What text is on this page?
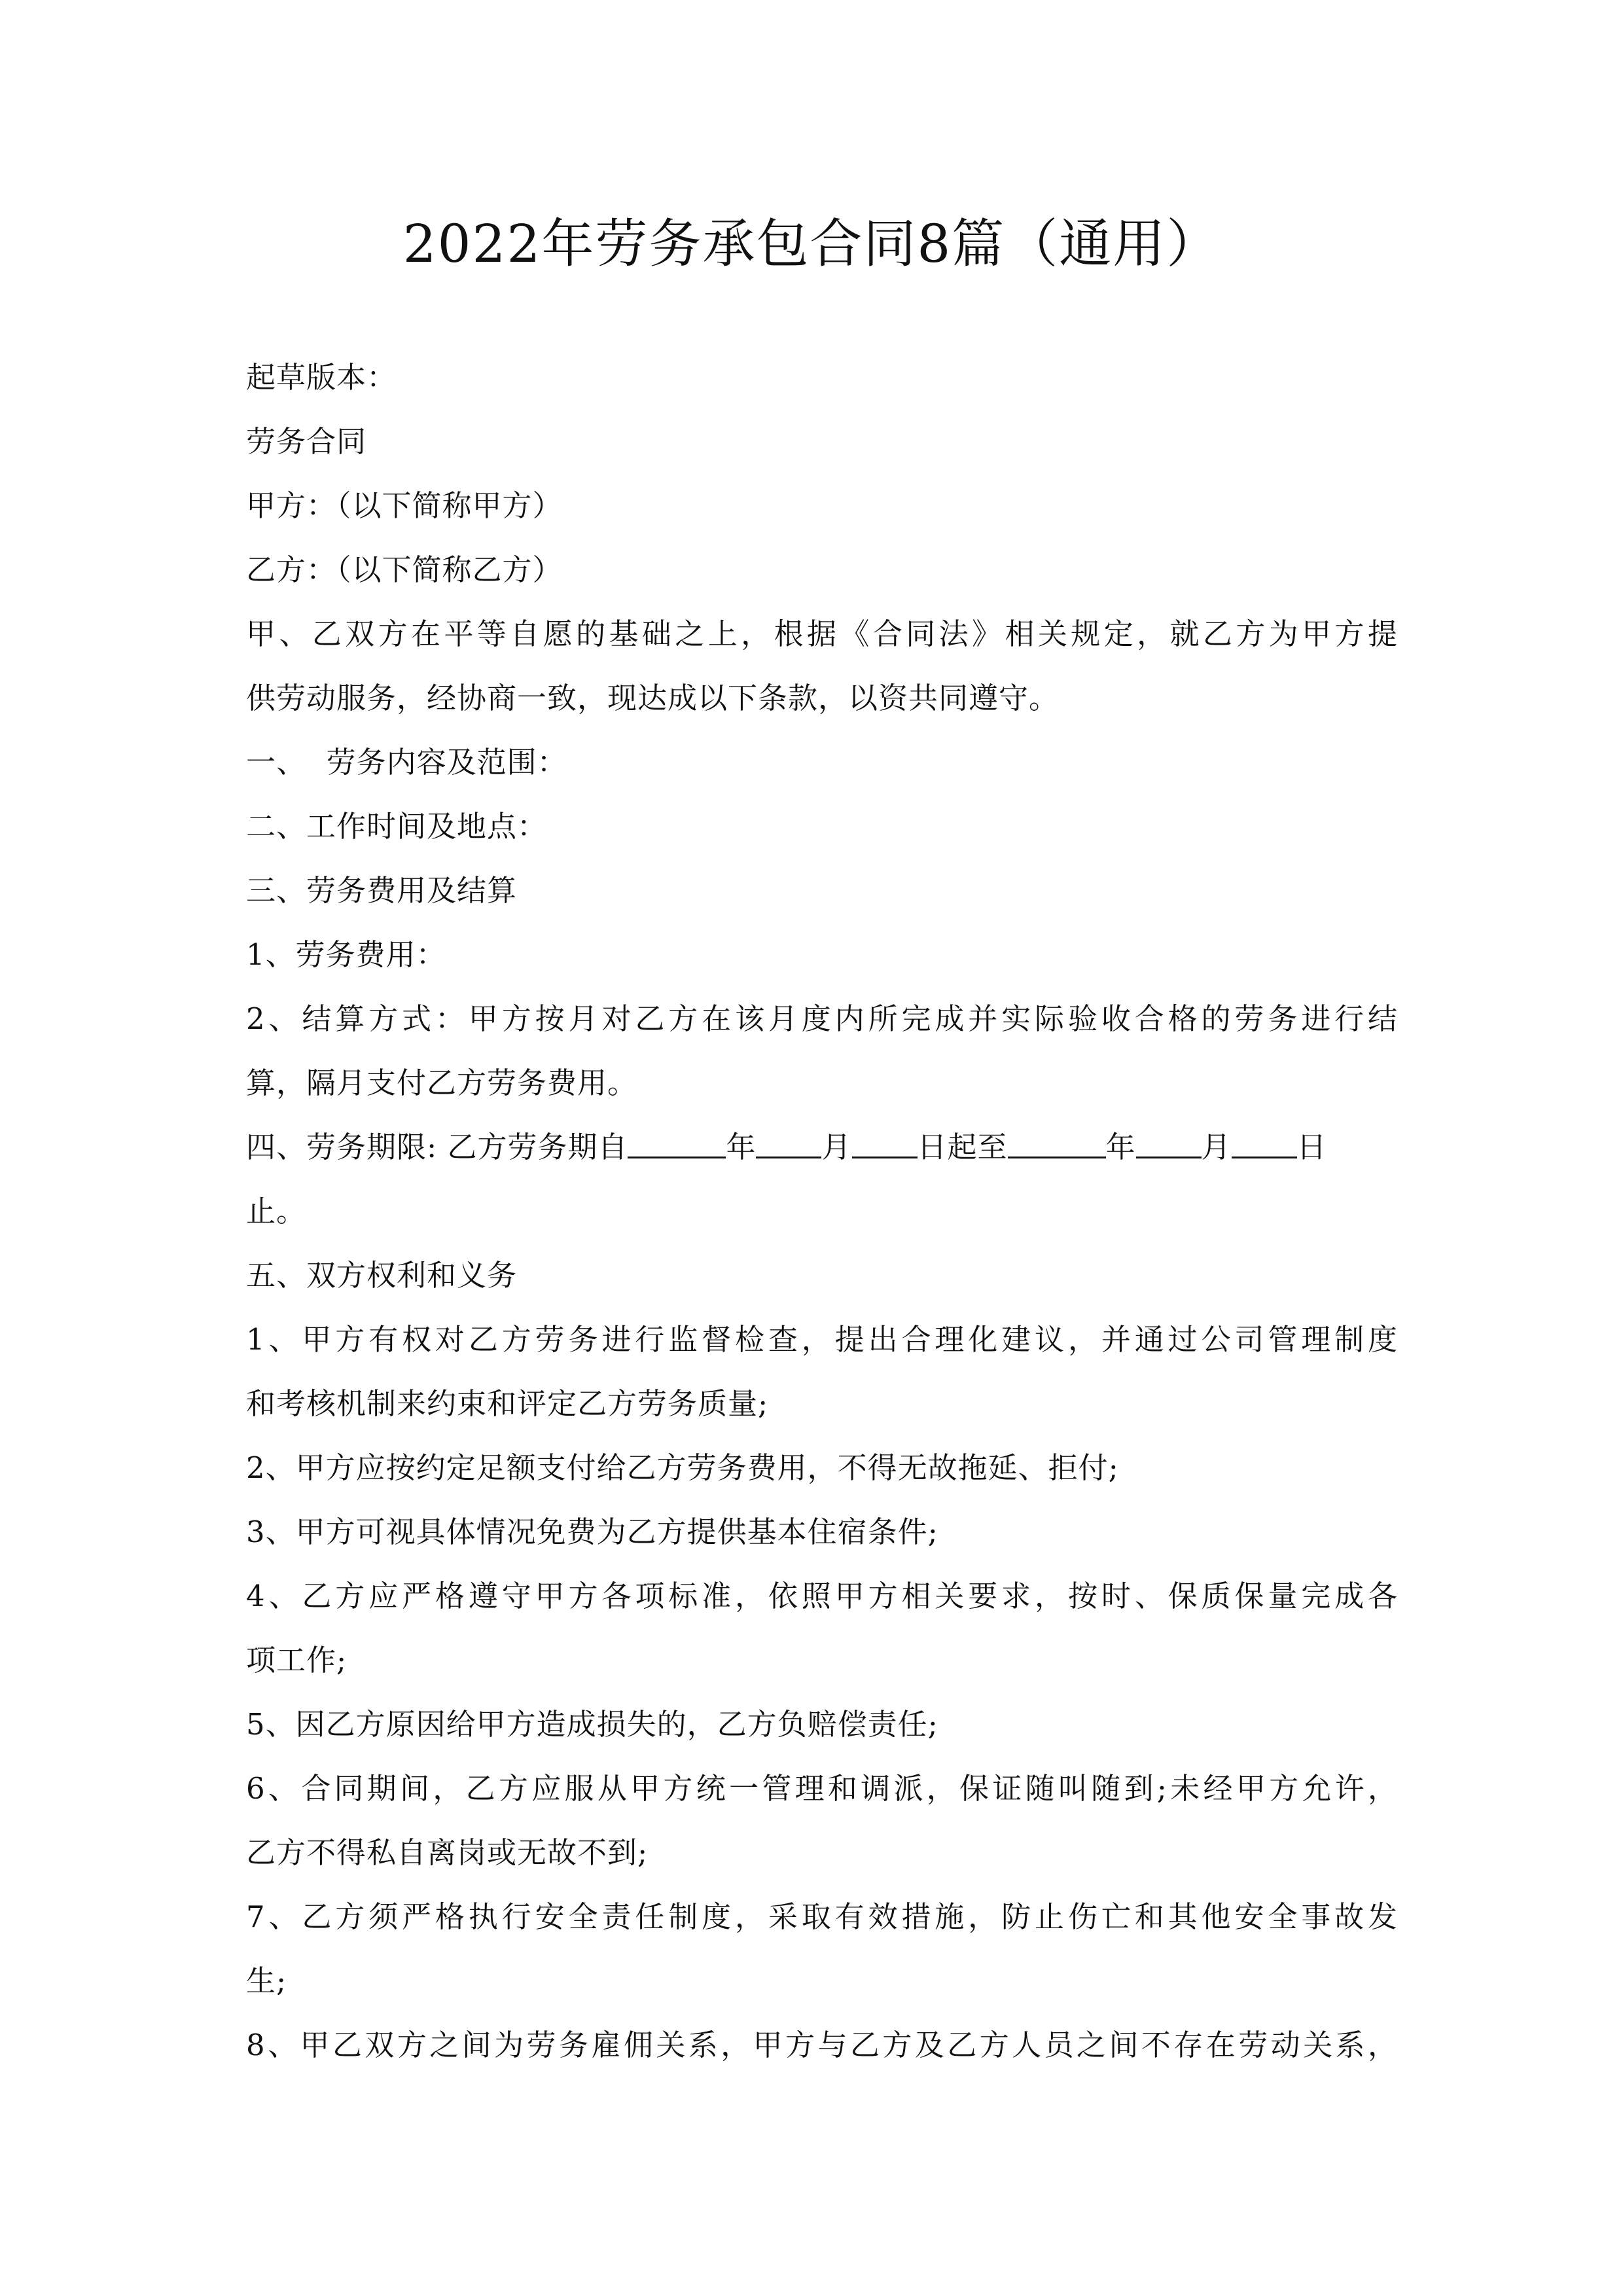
2022年劳务承包合同8篇（通用）
起草版本：
劳务合同
甲方：（以下简称甲方）
乙方：（以下简称乙方）
甲、乙双方在平等自愿的基础之上，根据《合同法》相关规定，就乙方为甲方提
供劳动服务，经协商一致，现达成以下条款，以资共同遵守。
一、  劳务内容及范围：
二、工作时间及地点：
三、劳务费用及结算
1、劳务费用：
2、结算方式：甲方按月对乙方在该月度内所完成并实际验收合格的劳务进行结
算，隔月支付乙方劳务费用。
四、劳务期限: 乙方劳务期自	年 月 日起至	年 月 日
止。
五、双方权利和义务
1、甲方有权对乙方劳务进行监督检查，提出合理化建议，并通过公司管理制度
和考核机制来约束和评定乙方劳务质量;
2、甲方应按约定足额支付给乙方劳务费用，不得无故拖延、拒付;
3、甲方可视具体情况免费为乙方提供基本住宿条件;
4、乙方应严格遵守甲方各项标准，依照甲方相关要求，按时、保质保量完成各
项工作;
5、因乙方原因给甲方造成损失的，乙方负赔偿责任;
6、合同期间，乙方应服从甲方统一管理和调派，保证随叫随到;未经甲方允许，
乙方不得私自离岗或无故不到;
7、乙方须严格执行安全责任制度，采取有效措施，防止伤亡和其他安全事故发
生;
8、甲乙双方之间为劳务雇佣关系，甲方与乙方及乙方人员之间不存在劳动关系，
